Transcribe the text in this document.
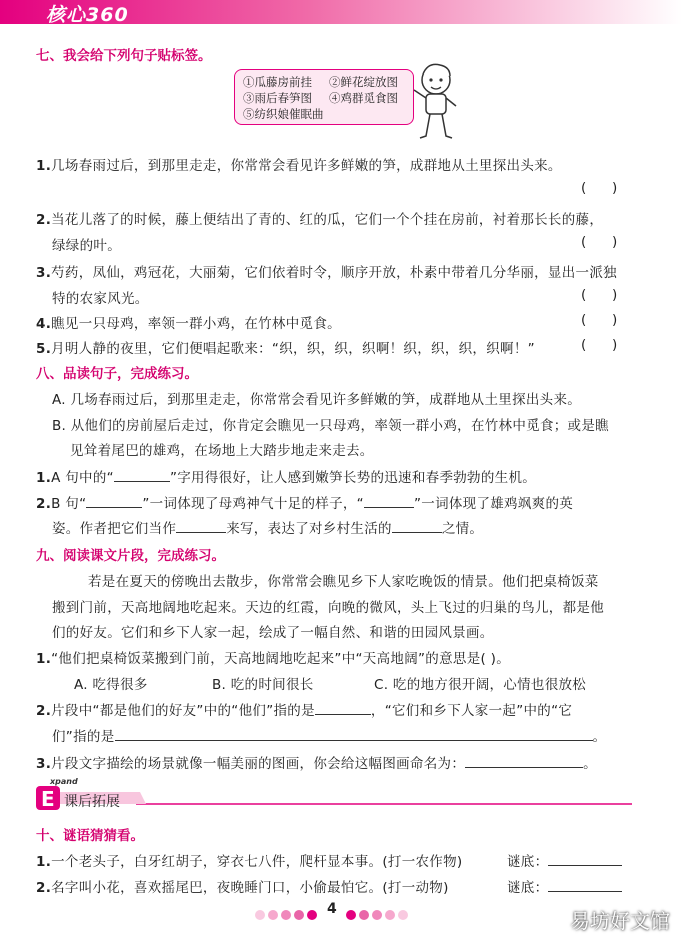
核心360
七、我会给下列句子贴标签。
①瓜藤房前挂 ②鲜花绽放图
③雨后春笋图 ④鸡群觅食图
⑤纺织娘催眠曲
1.几场春雨过后，到那里走走，你常常会看见许多鲜嫩的笋，成群地从土里探出头来。
(      )
2.当花儿落了的时候，藤上便结出了青的、红的瓜，它们一个个挂在房前，衬着那长长的藤，
绿绿的叶。	(      )
3.芍药，凤仙，鸡冠花，大丽菊，它们依着时令，顺序开放，朴素中带着几分华丽，显出一派独
特的农家风光。	(      )
4.瞧见一只母鸡，率领一群小鸡，在竹林中觅食。	(      )
5.月明人静的夜里，它们便唱起歌来：“织，织，织，织啊！织，织，织，织啊！”	(      )
八、品读句子，完成练习。
A. 几场春雨过后，到那里走走，你常常会看见许多鲜嫩的笋，成群地从土里探出头来。
B. 从他们的房前屋后走过，你肯定会瞧见一只母鸡，率领一群小鸡，在竹林中觅食；或是瞧
见耸着尾巴的雄鸡，在场地上大踏步地走来走去。
1.A 句中的“	”字用得很好，让人感到嫩笋长势的迅速和春季勃勃的生机。
2.B 句“	”一词体现了母鸡神气十足的样子，“	”一词体现了雄鸡飒爽的英
姿。作者把它们当作	来写，表达了对乡村生活的	之情。
九、阅读课文片段，完成练习。
若是在夏天的傍晚出去散步，你常常会瞧见乡下人家吃晚饭的情景。他们把桌椅饭菜
搬到门前，天高地阔地吃起来。天边的红霞，向晚的微风，头上飞过的归巢的鸟儿，都是他
们的好友。它们和乡下人家一起，绘成了一幅自然、和谐的田园风景画。
1.“他们把桌椅饭菜搬到门前，天高地阔地吃起来”中“天高地阔”的意思是( )。
A. 吃得很多	B. 吃的时间很长	C. 吃的地方很开阔，心情也很放松
2.片段中“都是他们的好友”中的“他们”指的是	，“它们和乡下人家一起”中的“它
们”指的是	。
3.片段文字描绘的场景就像一幅美丽的图画，你会给这幅图画命名为：	。
E
xpand
课后拓展
十、谜语猜猜看。
1.一个老头子，白牙红胡子，穿衣七八件，爬杆显本事。(打一农作物)	谜底：
2.名字叫小花，喜欢摇尾巴，夜晚睡门口，小偷最怕它。(打一动物)	谜底：
4	易坊好文馆
